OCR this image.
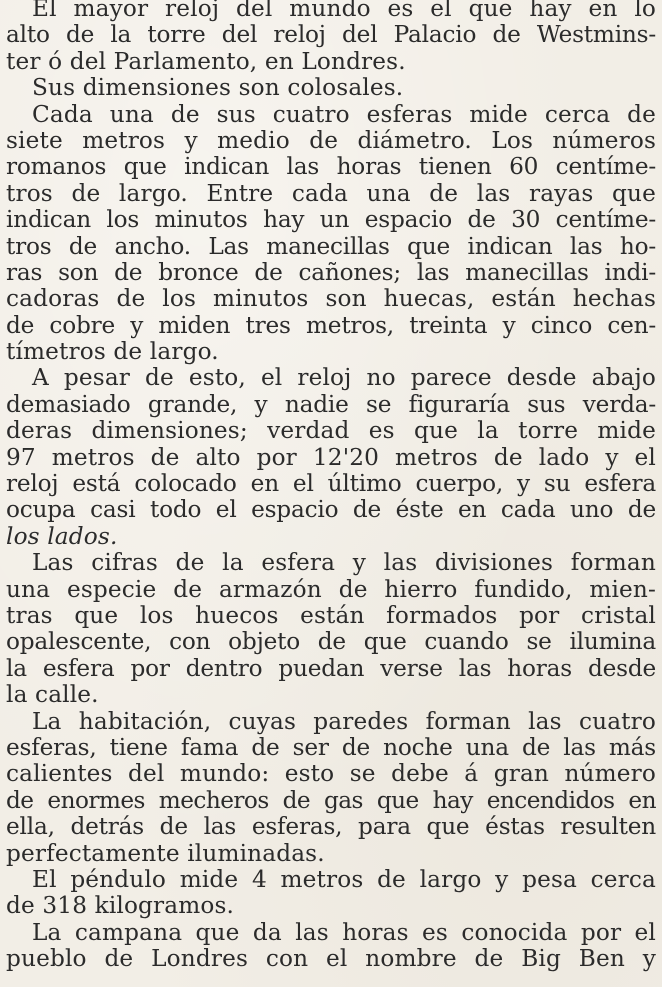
El mayor reloj del mundo es el que hay en lo
alto de la torre del reloj del Palacio de Westmins-
ter ó del Parlamento, en Londres.
Sus dimensiones son colosales.
Cada una de sus cuatro esferas mide cerca de
siete metros y medio de diámetro. Los números
romanos que indican las horas tienen 60 centíme-
tros de largo. Entre cada una de las rayas que
indican los minutos hay un espacio de 30 centíme-
tros de ancho. Las manecillas que indican las ho-
ras son de bronce de cañones; las manecillas indi-
cadoras de los minutos son huecas, están hechas
de cobre y miden tres metros, treinta y cinco cen-
tímetros de largo.
A pesar de esto, el reloj no parece desde abajo
demasiado grande, y nadie se figuraría sus verda-
deras dimensiones; verdad es que la torre mide
97 metros de alto por 12'20 metros de lado y el
reloj está colocado en el último cuerpo, y su esfera
ocupa casi todo el espacio de éste en cada uno de
los lados.
Las cifras de la esfera y las divisiones forman
una especie de armazón de hierro fundido, mien-
tras que los huecos están formados por cristal
opalescente, con objeto de que cuando se ilumina
la esfera por dentro puedan verse las horas desde
la calle.
La habitación, cuyas paredes forman las cuatro
esferas, tiene fama de ser de noche una de las más
calientes del mundo: esto se debe á gran número
de enormes mecheros de gas que hay encendidos en
ella, detrás de las esferas, para que éstas resulten
perfectamente iluminadas.
El péndulo mide 4 metros de largo y pesa cerca
de 318 kilogramos.
La campana que da las horas es conocida por el
pueblo de Londres con el nombre de Big Ben y
